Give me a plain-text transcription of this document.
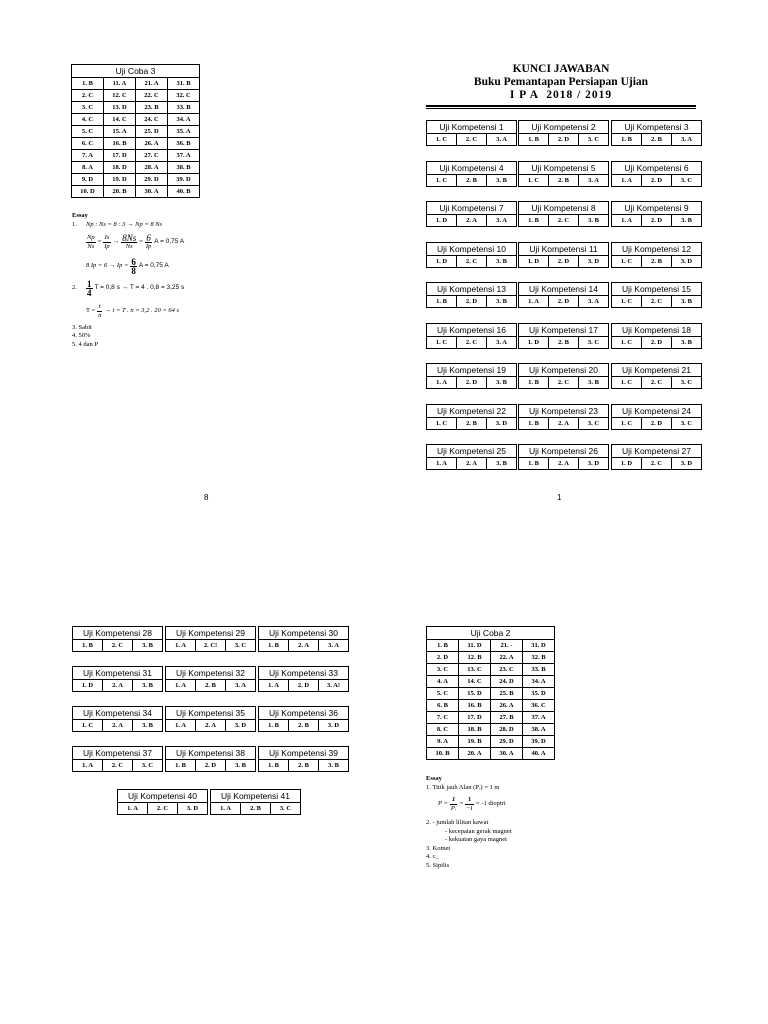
Uji Coba 3			
1. B	11. A	21. A	31. B
2. C	12. C	22. C	32. C
3. C	13. D	23. B	33. B
4. C	14. C	24. C	34. A
5. C	15. A	25. D	35. A
6. C	16. B	26. A	36. B
7. A	17. D	27. C	37. A
8. A	18. D	28. A	38. B
9. D	19. D	29. D	39. D
10. D	20. B	30. A	40. B
Essay
1. Np : Ns = 8 : 3 → Np = 8 Ns
$\frac{Np}{Ns} = \frac{Is}{Ip} \to \frac{8Ns}{Ns} = \frac{6}{Ip}$ A = 0,75 A
8 $Ip = 6 \to Ip = \frac{6}{8}$ A = 0,75 A
2.	$\frac{1}{4}$ T = 0,8 s → T = 4 . 0,8 = 3,25 s
$T = \frac{t}{n} \to t = T$ . n = 3,2 . 20 = 64 s
3. Sabit
4. 50%
5. 4 dan P
8
KUNCI JAWABAN
Buku Pemantapan Persiapan Ujian
I P A  2018 / 2019
Uji Kompetensi 1
1. C	2. C	3. A
Uji Kompetensi 2
1. B	2. D	3. C
Uji Kompetensi 3
1. B	2. B	3. A
Uji Kompetensi 4
1. C	2. B	3. B
Uji Kompetensi 5
1. C	2. B	3. A
Uji Kompetensi 6
1. A	2. D	3. C
Uji Kompetensi 7
1. D	2. A	3. A
Uji Kompetensi 8
1. B	2. C	3. B
Uji Kompetensi 9
1. A	2. D	3. B
Uji Kompetensi 10
1. D	2. C	3. B
Uji Kompetensi 11
1. D	2. D	3. D
Uji Kompetensi 12
1. C	2. B	3. D
Uji Kompetensi 13
1. B	2. D	3. B
Uji Kompetensi 14
1. A	2. D	3. A
Uji Kompetensi 15
1. C	2. C	3. B
Uji Kompetensi 16
1. C	2. C	3. A
Uji Kompetensi 17
1. D	2. B	3. C
Uji Kompetensi 18
1. C	2. D	3. B
Uji Kompetensi 19
1. A	2. D	3. B
Uji Kompetensi 20
1. B	2. C	3. B
Uji Kompetensi 21
1. C	2. C	3. C
Uji Kompetensi 22
1. C	2. B	3. D
Uji Kompetensi 23
1. B	2. A	3. C
Uji Kompetensi 24
1. C	2. D	3. C
Uji Kompetensi 25
1. A	2. A	3. B
Uji Kompetensi 26
1. B	2. A	3. D
Uji Kompetensi 27
1. D	2. C	3. D
1
Uji Kompetensi 28
1. B	2. C	3. B
Uji Kompetensi 29
1. A	2. C!	3. C
Uji Kompetensi 30
1. B	2. A	3. A
Uji Kompetensi 31
1. D	2. A	3. B
Uji Kompetensi 32
1. A	2. B	3. A
Uji Kompetensi 33
1. A	2. D	3. A!
Uji Kompetensi 34
1. C	2. A	3. B
Uji Kompetensi 35
1. A	2. A	3. D
Uji Kompetensi 36
1. B	2. B	3. D
Uji Kompetensi 37
1. A	2. C	3. C
Uji Kompetensi 38
1. B	2. D	3. B
Uji Kompetensi 39
1. B	2. B	3. B
Uji Kompetensi 40
1. A	2. C	3. D
Uji Kompetensi 41
1. A	2. B	3. C
Uji Coba 2			
1. B	11. D	21. -	31. D
2. D	12. B	22. A	32. B
3. C	13. C	23. C	33. B
4. A	14. C	24. D	34. A
5. C	15. D	25. B	35. D
6. B	16. B	26. A	36. C
7. C	17. D	27. B	37. A
8. C	18. B	28. D	38. A
9. A	19. B	29. D	39. D
10. B	20. A	30. A	40. A
Essay
1. Titik jauh Alan (Pᵣ) = 1 m
$P = \frac{1}{\text{Pᵣ}} = \frac{1}{-1} = -1$ dioptri
2. - jumlah lilitan kawat
- kecepatan gerak magnet
- kekuatan gaya magnet
3. Komet
4. c_
5. Sipilis
